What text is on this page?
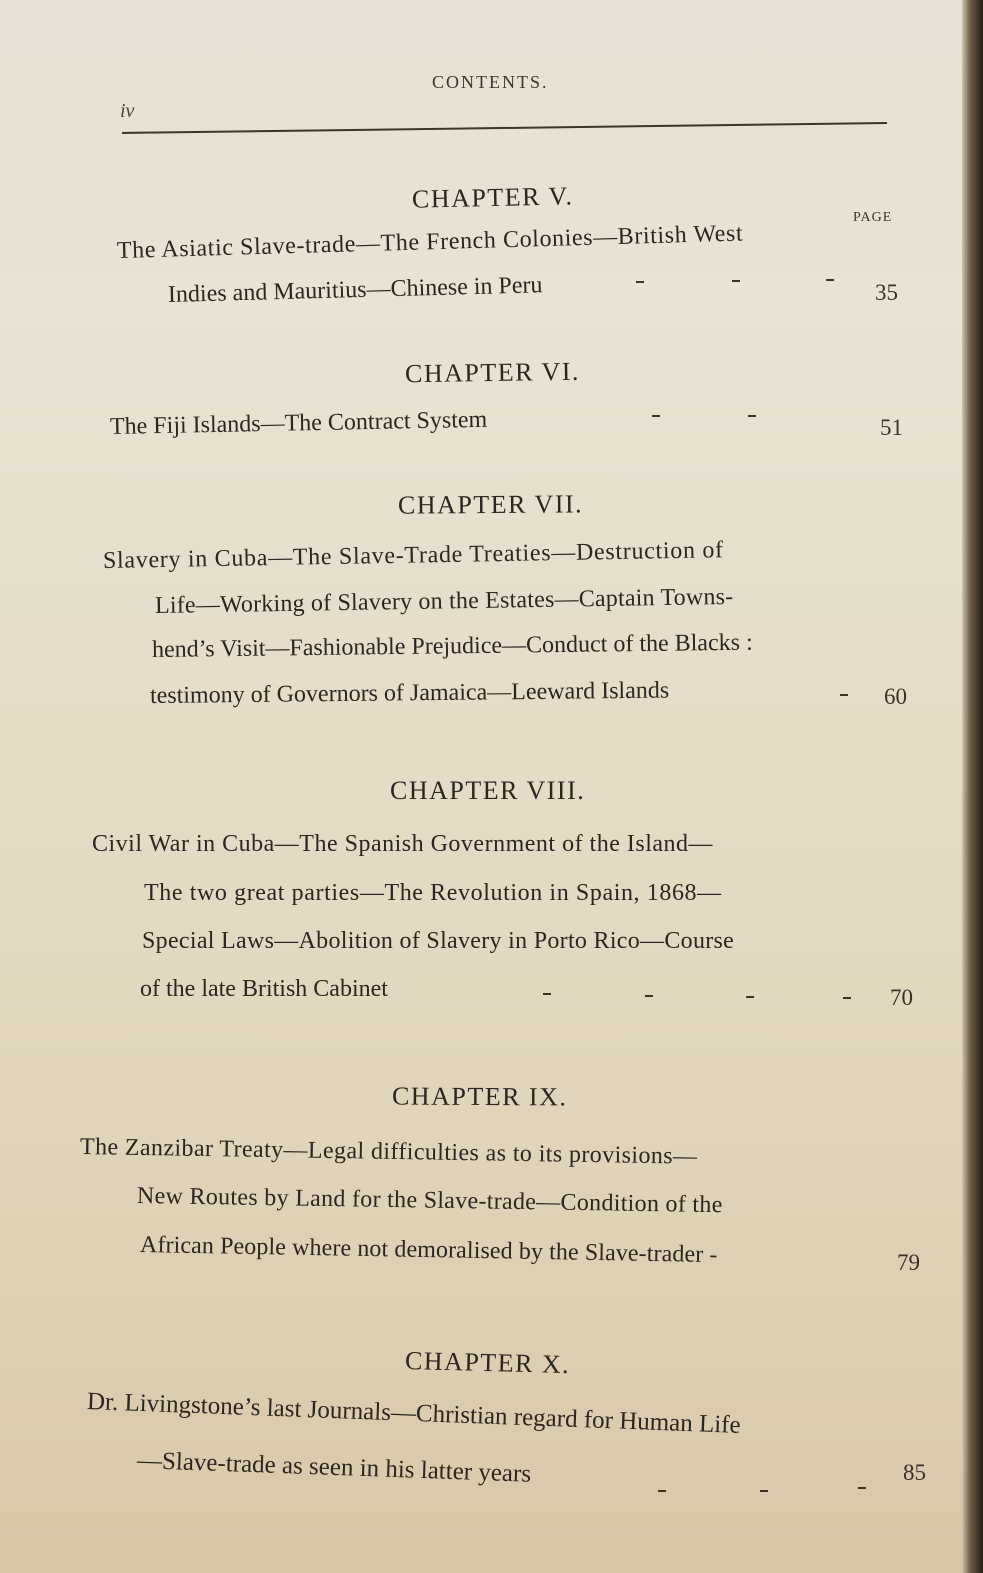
iv
CONTENTS.
PAGE
CHAPTER V.
The Asiatic Slave-trade—The French Colonies—British West
Indies and Mauritius—Chinese in Peru	35
CHAPTER VI.
The Fiji Islands—The Contract System	51
CHAPTER VII.
Slavery in Cuba—The Slave-Trade Treaties—Destruction of
Life—Working of Slavery on the Estates—Captain Towns-
hend’s Visit—Fashionable Prejudice—Conduct of the Blacks :
testimony of Governors of Jamaica—Leeward Islands	60
CHAPTER VIII.
Civil War in Cuba—The Spanish Government of the Island—
The two great parties—The Revolution in Spain, 1868—
Special Laws—Abolition of Slavery in Porto Rico—Course
of the late British Cabinet	70
CHAPTER IX.
The Zanzibar Treaty—Legal difficulties as to its provisions—
New Routes by Land for the Slave-trade—Condition of the
African People where not demoralised by the Slave-trader -	79
CHAPTER X.
Dr. Livingstone’s last Journals—Christian regard for Human Life
—Slave-trade as seen in his latter years	85
